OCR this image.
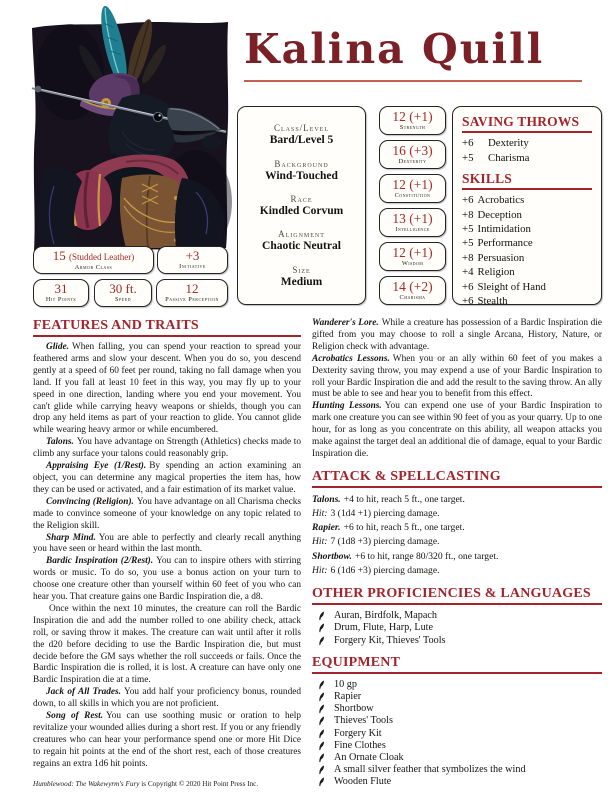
Kalina Quill
Class/Level
Bard/Level 5
Background
Wind-Touched
Race
Kindled Corvum
Alignment
Chaotic Neutral
Size
Medium
12 (+1)
Strength
16 (+3)
Dexterity
12 (+1)
Constitution
13 (+1)
Intelligence
12 (+1)
Wisdom
14 (+2)
Charisma
SAVING THROWS
+6	Dexterity
+5	Charisma
SKILLS
+6 Acrobatics
+8 Deception
+5 Intimidation
+5 Performance
+8 Persuasion
+4 Religion
+6 Sleight of Hand
+6 Stealth
15 (Studded Leather)
Armor Class
+3
Initiative
31
Hit Points
30 ft.
Speed
12
Passive Perception
FEATURES AND TRAITS

Glide. When falling, you can spend your reaction to spread your feathered arms and slow your descent. When you do so, you descend gently at a speed of 60 feet per round, taking no fall damage when you land. If you fall at least 10 feet in this way, you may fly up to your speed in one direction, landing where you end your movement. You can't glide while carrying heavy weapons or shields, though you can drop any held items as part of your reaction to glide. You cannot glide while wearing heavy armor or while encumbered.

Talons. You have advantage on Strength (Athletics) checks made to climb any surface your talons could reasonably grip.

Appraising Eye (1/Rest). By spending an action examining an object, you can determine any magical properties the item has, how they can be used or activated, and a fair estimation of its market value.

Convincing (Religion). You have advantage on all Charisma checks made to convince someone of your knowledge on any topic related to the Religion skill.

Sharp Mind. You are able to perfectly and clearly recall anything you have seen or heard within the last month.

Bardic Inspiration (2/Rest). You can to inspire others with stirring words or music. To do so, you use a bonus action on your turn to choose one creature other than yourself within 60 feet of you who can hear you. That creature gains one Bardic Inspiration die, a d8.

Once within the next 10 minutes, the creature can roll the Bardic Inspiration die and add the number rolled to one ability check, attack roll, or saving throw it makes. The creature can wait until after it rolls the d20 before deciding to use the Bardic Inspiration die, but must decide before the GM says whether the roll succeeds or fails. Once the Bardic Inspiration die is rolled, it is lost. A creature can have only one Bardic Inspiration die at a time.

Jack of All Trades. You add half your proficiency bonus, rounded down, to all skills in which you are not proficient.

Song of Rest. You can use soothing music or oration to help revitalize your wounded allies during a short rest. If you or any friendly creatures who can hear your performance spend one or more Hit Dice to regain hit points at the end of the short rest, each of those creatures regains an extra 1d6 hit points.

Wanderer's Lore. While a creature has possession of a Bardic Inspiration die gifted from you may choose to roll a single Arcana, History, Nature, or Religion check with advantage.

Acrobatics Lessons. When you or an ally within 60 feet of you makes a Dexterity saving throw, you may expend a use of your Bardic Inspiration to roll your Bardic Inspiration die and add the result to the saving throw. An ally must be able to see and hear you to benefit from this effect.

Hunting Lessons. You can expend one use of your Bardic Inspiration to mark one creature you can see within 90 feet of you as your quarry. Up to one hour, for as long as you concentrate on this ability, all weapon attacks you make against the target deal an additional die of damage, equal to your Bardic Inspiration die.

ATTACK & SPELLCASTING

Talons. +4 to hit, reach 5 ft., one target.

Hit: 3 (1d4 +1) piercing damage.

Rapier. +6 to hit, reach 5 ft., one target.

Hit: 7 (1d8 +3) piercing damage.

Shortbow. +6 to hit, range 80/320 ft., one target.

Hit: 6 (1d6 +3) piercing damage.

OTHER PROFICIENCIES & LANGUAGES
Auran, Birdfolk, Mapach
Drum, Flute, Harp, Lute
Forgery Kit, Thieves' Tools
EQUIPMENT
10 gp
Rapier
Shortbow
Thieves' Tools
Forgery Kit
Fine Clothes
An Ornate Cloak
A small silver feather that symbolizes the wind
Wooden Flute
Humblewood: The Wakewyrm's Fury is Copyright © 2020 Hit Point Press Inc.
